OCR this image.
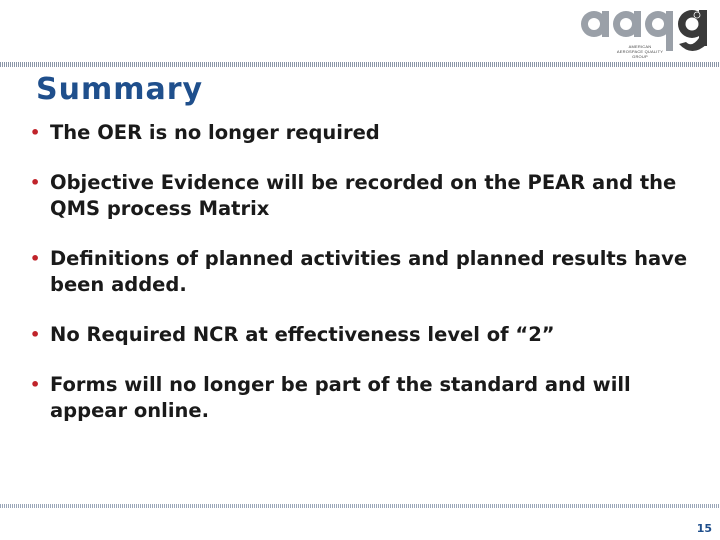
AMERICAN AEROSPACE QUALITY GROUP
Summary
• The OER is no longer required
• Objective Evidence will be recorded on the PEAR and the QMS process Matrix
• Definitions of planned activities and planned results have been added.
• No Required NCR at effectiveness level of “2”
• Forms will no longer be part of the standard and will appear online.
15
